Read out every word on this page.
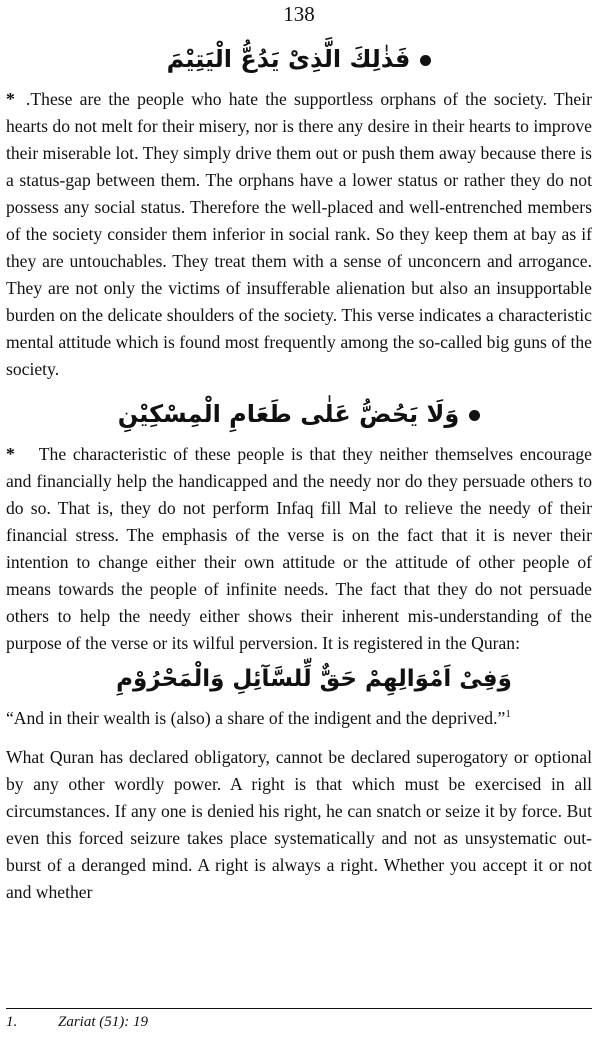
138
فَذٰلِكَ الَّذِىْ يَدُعُّ الْيَتِيْمَ

* .These are the people who hate the supportless orphans of the society. Their hearts do not melt for their misery, nor is there any desire in their hearts to improve their miserable lot. They simply drive them out or push them away because there is a status-gap between them. The orphans have a lower status or rather they do not possess any social status. Therefore the well-placed and well-entrenched members of the society consider them inferior in social rank. So they keep them at bay as if they are untouchables. They treat them with a sense of unconcern and arrogance. They are not only the victims of insufferable alienation but also an insupportable burden on the delicate shoulders of the society. This verse indicates a characteristic mental attitude which is found most frequently among the so-called big guns of the society.

وَلَا يَحُضُّ عَلٰى طَعَامِ الْمِسْكِيْنِ

* The characteristic of these people is that they neither themselves encourage and financially help the handicapped and the needy nor do they persuade others to do so. That is, they do not perform Infaq fill Mal to relieve the needy of their financial stress. The emphasis of the verse is on the fact that it is never their intention to change either their own attitude or the attitude of other people of means towards the people of infinite needs. The fact that they do not persuade others to help the needy either shows their inherent mis-understanding of the purpose of the verse or its wilful perversion. It is registered in the Quran:

وَفِىْ اَمْوَالِهِمْ حَقٌّ لِّلسَّآئِلِ وَالْمَحْرُوْمِ

“And in their wealth is (also) a share of the indigent and the deprived.”$^1$

What Quran has declared obligatory, cannot be declared superogatory or optional by any other wordly power. A right is that which must be exercised in all circumstances. If any one is denied his right, he can snatch or seize it by force. But even this forced seizure takes place systematically and not as unsystematic out-burst of a deranged mind. A right is always a right. Whether you accept it or not and whether

1.	Zariat (51): 19
